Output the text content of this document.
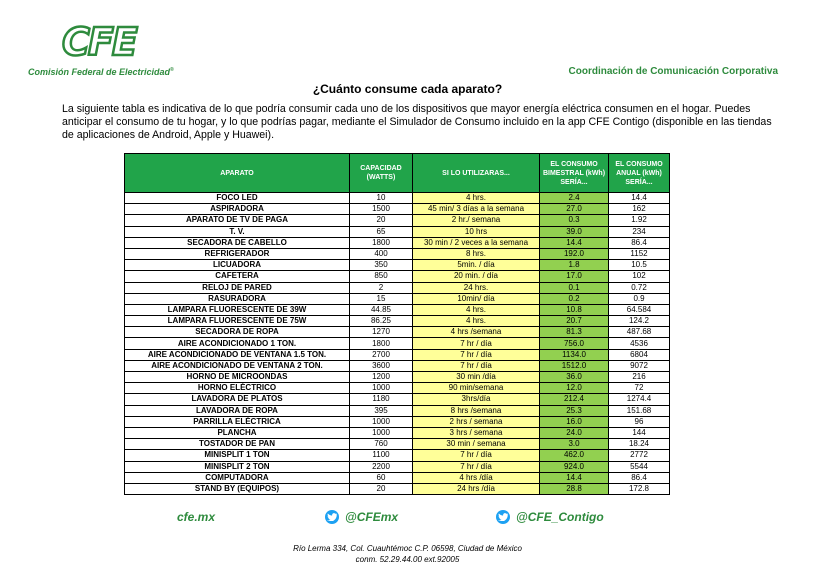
CFE
Comisión Federal de Electricidad®	Coordinación de Comunicación Corporativa
¿Cuánto consume cada aparato?
La siguiente tabla es indicativa de lo que podría consumir cada uno de los dispositivos que mayor energía eléctrica consumen en el hogar. Puedes anticipar el consumo de tu hogar, y lo que podrías pagar, mediante el Simulador de Consumo incluido en la app CFE Contigo (disponible en las tiendas de aplicaciones de Android, Apple y Huawei).
APARATO	CAPACIDAD (WATTS)	SI LO UTILIZARAS...	EL CONSUMO BIMESTRAL (kWh) SERÍA...	EL CONSUMO ANUAL (kWh) SERÍA...
FOCO LED	10	4 hrs.	2.4	14.4
ASPIRADORA	1500	45 min/ 3 días a la semana	27.0	162
APARATO DE TV DE PAGA	20	2 hr./ semana	0.3	1.92
T. V.	65	10 hrs	39.0	234
SECADORA DE CABELLO	1800	30 min / 2 veces a la semana	14.4	86.4
REFRIGERADOR	400	8 hrs.	192.0	1152
LICUADORA	350	5min. / día	1.8	10.5
CAFETERA	850	20 min. / día	17.0	102
RELOJ DE PARED	2	24 hrs.	0.1	0.72
RASURADORA	15	10min/ día	0.2	0.9
LAMPARA FLUORESCENTE DE 39W	44.85	4 hrs.	10.8	64.584
LAMPARA FLUORESCENTE DE 75W	86.25	4 hrs.	20.7	124.2
SECADORA DE ROPA	1270	4 hrs /semana	81.3	487.68
AIRE ACONDICIONADO 1 TON.	1800	7 hr / día	756.0	4536
AIRE ACONDICIONADO DE VENTANA 1.5 TON.	2700	7 hr / día	1134.0	6804
AIRE ACONDICIONADO DE VENTANA 2 TON.	3600	7 hr / día	1512.0	9072
HORNO DE MICROONDAS	1200	30 min /día	36.0	216
HORNO ELÉCTRICO	1000	90 min/semana	12.0	72
LAVADORA DE PLATOS	1180	3hrs/día	212.4	1274.4
LAVADORA DE ROPA	395	8 hrs /semana	25.3	151.68
PARRILLA ELÉCTRICA	1000	2 hrs / semana	16.0	96
PLANCHA	1000	3 hrs / semana	24.0	144
TOSTADOR DE PAN	760	30 min / semana	3.0	18.24
MINISPLIT 1 TON	1100	7 hr / día	462.0	2772
MINISPLIT 2 TON	2200	7 hr / día	924.0	5544
COMPUTADORA	60	4 hrs /día	14.4	86.4
STAND BY (EQUIPOS)	20	24 hrs /día	28.8	172.8
cfe.mx	@CFEmx	@CFE_Contigo
Río Lerma 334, Col. Cuauhtémoc C.P. 06598, Ciudad de México
conm. 52.29.44.00 ext.92005
